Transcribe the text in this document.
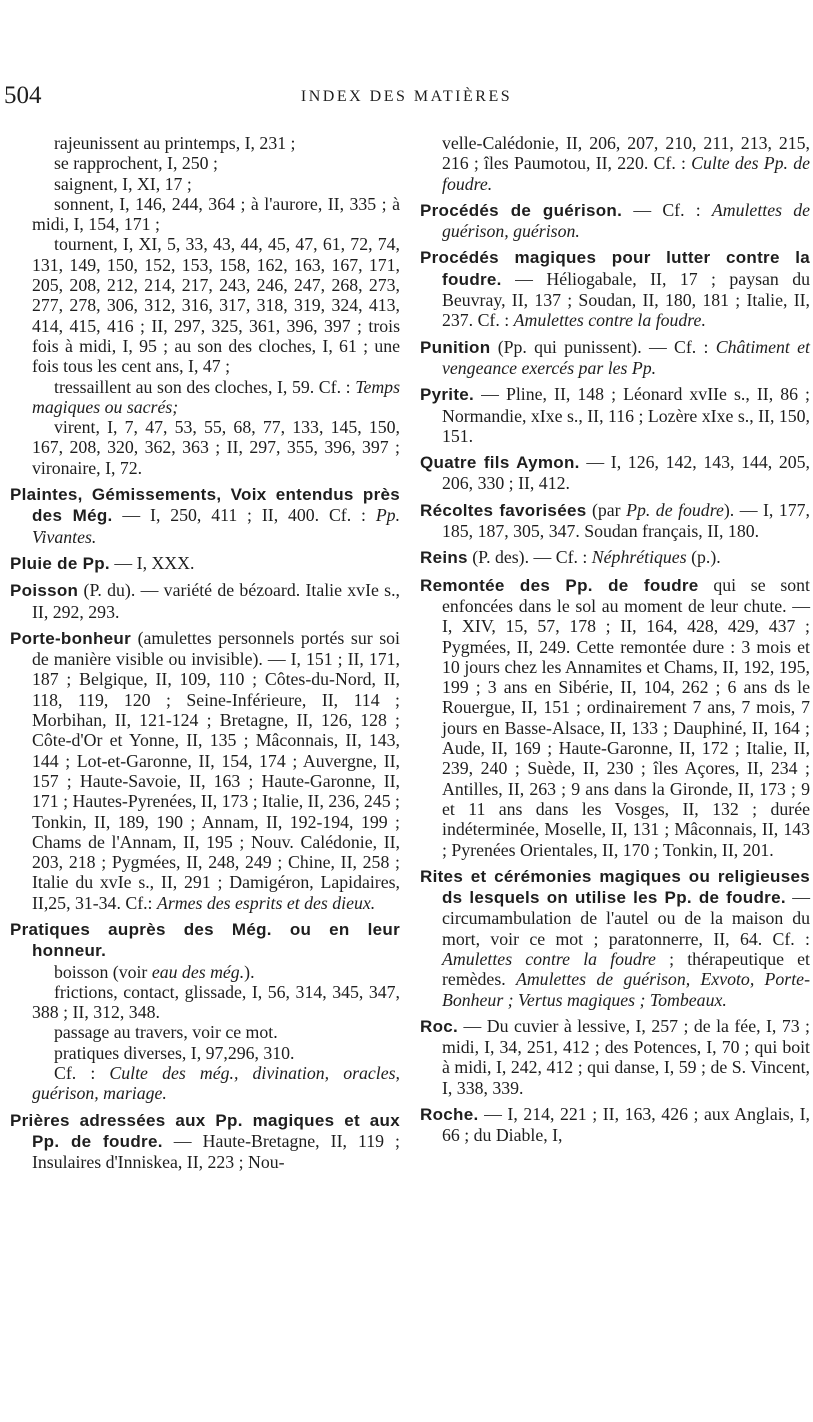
504	INDEX DES MATIÈRES

rajeunissent au printemps, I, 231 ;

se rapprochent, I, 250 ;

saignent, I, XI, 17 ;

sonnent, I, 146, 244, 364 ; à l'aurore, II, 335 ; à midi, I, 154, 171 ;

tournent, I, XI, 5, 33, 43, 44, 45, 47, 61, 72, 74, 131, 149, 150, 152, 153, 158, 162, 163, 167, 171, 205, 208, 212, 214, 217, 243, 246, 247, 268, 273, 277, 278, 306, 312, 316, 317, 318, 319, 324, 413, 414, 415, 416 ; II, 297, 325, 361, 396, 397 ; trois fois à midi, I, 95 ; au son des cloches, I, 61 ; une fois tous les cent ans, I, 47 ;

tressaillent au son des cloches, I, 59. Cf. : Temps magiques ou sacrés;

virent, I, 7, 47, 53, 55, 68, 77, 133, 145, 150, 167, 208, 320, 362, 363 ; II, 297, 355, 396, 397 ; vironaire, I, 72.

Plaintes, Gémissements, Voix entendus près des Még. — I, 250, 411 ; II, 400. Cf. : Pp. Vivantes.

Pluie de Pp. — I, XXX.

Poisson (P. du). — variété de bézoard. Italie xvIe s., II, 292, 293.

Porte-bonheur (amulettes personnels portés sur soi de manière visible ou invisible). — I, 151 ; II, 171, 187 ; Belgique, II, 109, 110 ; Côtes-du-Nord, II, 118, 119, 120 ; Seine-Inférieure, II, 114 ; Morbihan, II, 121-124 ; Bretagne, II, 126, 128 ; Côte-d'Or et Yonne, II, 135 ; Mâconnais, II, 143, 144 ; Lot-et-Garonne, II, 154, 174 ; Auvergne, II, 157 ; Haute-Savoie, II, 163 ; Haute-Garonne, II, 171 ; Hautes-Pyrenées, II, 173 ; Italie, II, 236, 245 ; Tonkin, II, 189, 190 ; Annam, II, 192-194, 199 ; Chams de l'Annam, II, 195 ; Nouv. Calédonie, II, 203, 218 ; Pygmées, II, 248, 249 ; Chine, II, 258 ; Italie du xvIe s., II, 291 ; Damigéron, Lapidaires, II,25, 31-34. Cf.: Armes des esprits et des dieux.

Pratiques auprès des Még. ou en leur honneur.

boisson (voir eau des még.).

frictions, contact, glissade, I, 56, 314, 345, 347, 388 ; II, 312, 348.

passage au travers, voir ce mot.

pratiques diverses, I, 97,296, 310.

Cf. : Culte des még., divination, oracles, guérison, mariage.

Prières adressées aux Pp. magiques et aux Pp. de foudre. — Haute-Bretagne, II, 119 ; Insulaires d'Inniskea, II, 223 ; Nou-

velle-Calédonie, II, 206, 207, 210, 211, 213, 215, 216 ; îles Paumotou, II, 220. Cf. : Culte des Pp. de foudre.

Procédés de guérison. — Cf. : Amulettes de guérison, guérison.

Procédés magiques pour lutter contre la foudre. — Héliogabale, II, 17 ; paysan du Beuvray, II, 137 ; Soudan, II, 180, 181 ; Italie, II, 237. Cf. : Amulettes contre la foudre.

Punition (Pp. qui punissent). — Cf. : Châtiment et vengeance exercés par les Pp.

Pyrite. — Pline, II, 148 ; Léonard xvIIe s., II, 86 ; Normandie, xIxe s., II, 116 ; Lozère xIxe s., II, 150, 151.

Quatre fils Aymon. — I, 126, 142, 143, 144, 205, 206, 330 ; II, 412.

Récoltes favorisées (par Pp. de foudre). — I, 177, 185, 187, 305, 347. Soudan français, II, 180.

Reins (P. des). — Cf. : Néphrétiques (p.).

Remontée des Pp. de foudre qui se sont enfoncées dans le sol au moment de leur chute. — I, XIV, 15, 57, 178 ; II, 164, 428, 429, 437 ; Pygmées, II, 249. Cette remontée dure : 3 mois et 10 jours chez les Annamites et Chams, II, 192, 195, 199 ; 3 ans en Sibérie, II, 104, 262 ; 6 ans ds le Rouergue, II, 151 ; ordinairement 7 ans, 7 mois, 7 jours en Basse-Alsace, II, 133 ; Dauphiné, II, 164 ; Aude, II, 169 ; Haute-Garonne, II, 172 ; Italie, II, 239, 240 ; Suède, II, 230 ; îles Açores, II, 234 ; Antilles, II, 263 ; 9 ans dans la Gironde, II, 173 ; 9 et 11 ans dans les Vosges, II, 132 ; durée indéterminée, Moselle, II, 131 ; Mâconnais, II, 143 ; Pyrenées Orientales, II, 170 ; Tonkin, II, 201.

Rites et cérémonies magiques ou religieuses ds lesquels on utilise les Pp. de foudre. — circumambulation de l'autel ou de la maison du mort, voir ce mot ; paratonnerre, II, 64. Cf. : Amulettes contre la foudre ; thérapeutique et remèdes. Amulettes de guérison, Exvoto, Porte-Bonheur ; Vertus magiques ; Tombeaux.

Roc. — Du cuvier à lessive, I, 257 ; de la fée, I, 73 ; midi, I, 34, 251, 412 ; des Potences, I, 70 ; qui boit à midi, I, 242, 412 ; qui danse, I, 59 ; de S. Vincent, I, 338, 339.

Roche. — I, 214, 221 ; II, 163, 426 ; aux Anglais, I, 66 ; du Diable, I,
